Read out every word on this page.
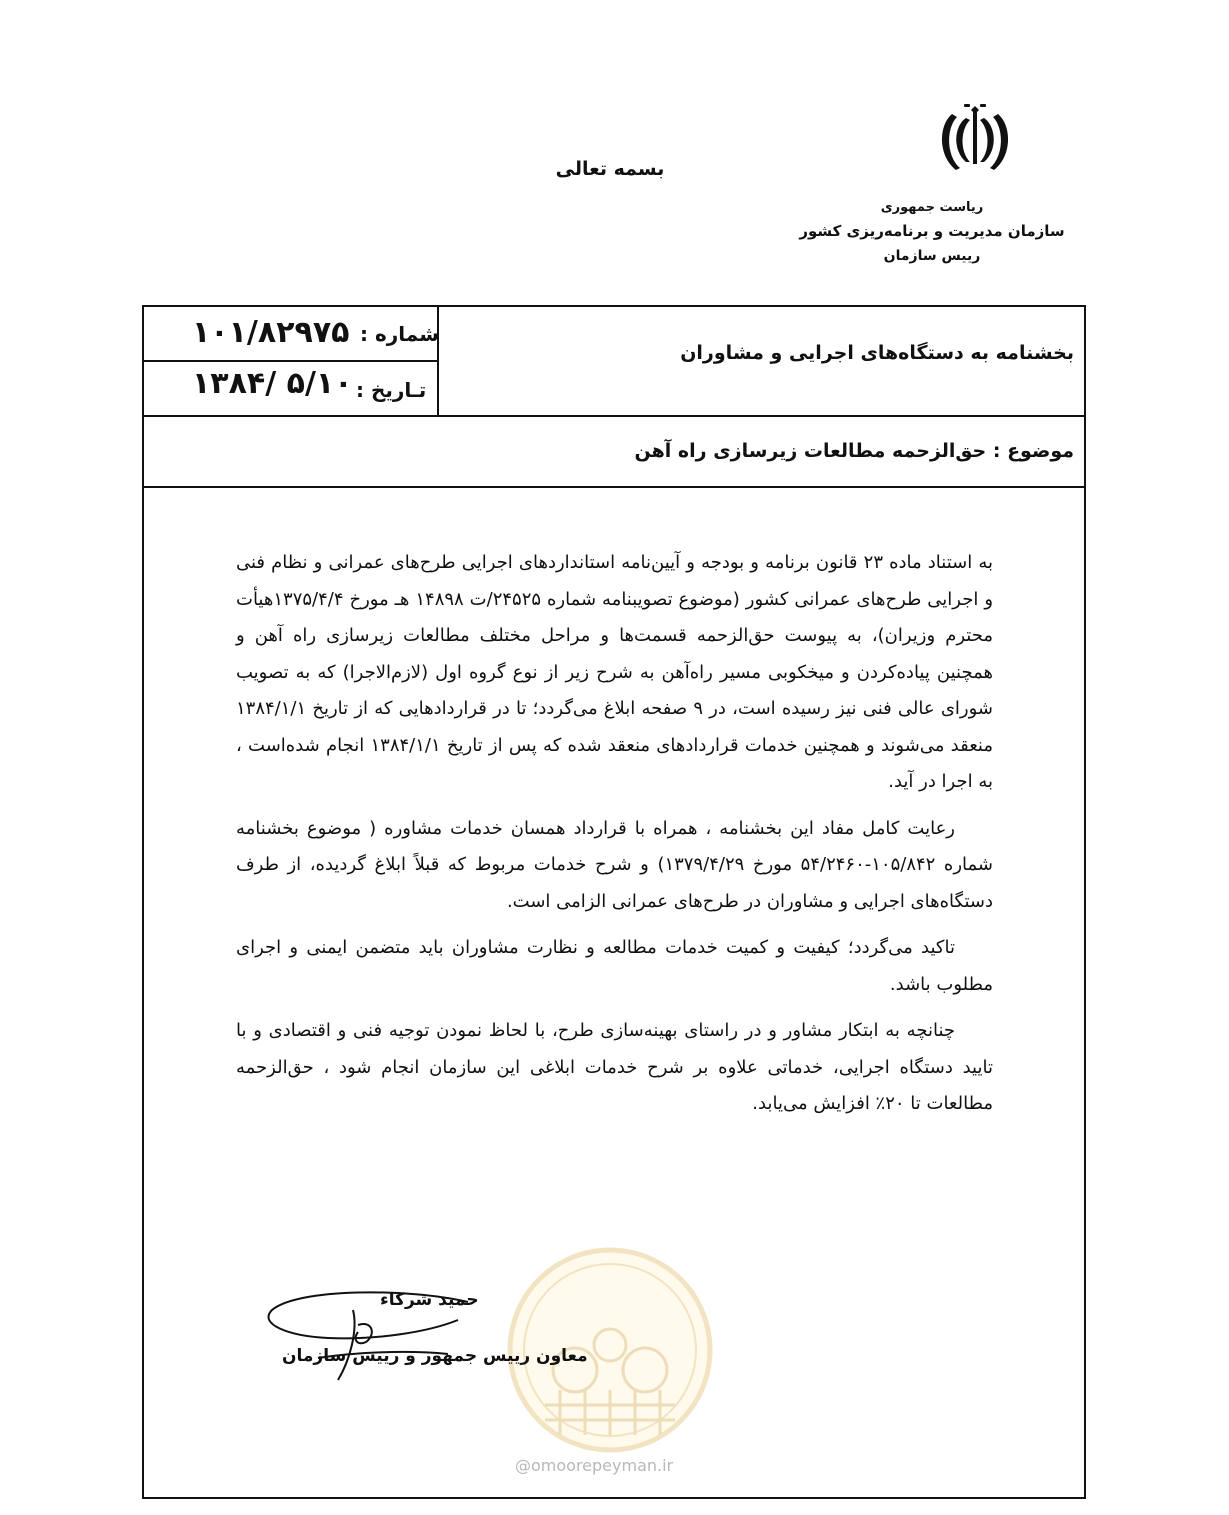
بسمه تعالی
ریاست جمهوری
سازمان مدیریت و برنامه‌ریزی کشور
رییس سازمان
شماره :
۱۰۱/۸۲۹۷۵
تـاریخ :
۱۳۸۴/ ۵/۱۰
بخشنامه به دستگاه‌های اجرایی و مشاوران
موضوع : حق‌الزحمه مطالعات زیرسازی راه آهن

به استناد ماده ۲۳ قانون برنامه و بودجه و آیین‌نامه استانداردهای اجرایی طرح‌های عمرانی و نظام فنی و اجرایی طرح‌های عمرانی کشور (موضوع تصویبنامه شماره ۲۴۵۲۵/ت ۱۴۸۹۸ هـ مورخ ۱۳۷۵/۴/۴هیأت محترم وزیران)، به پیوست حق‌الزحمه قسمت‌ها و مراحل مختلف مطالعات زیرسازی راه آهن و همچنین پیاده‌کردن و میخکوبی مسیر راه‌آهن به شرح زیر از نوع گروه اول (لازم‌الاجرا) که به تصویب شورای عالی فنی نیز رسیده است، در ۹ صفحه ابلاغ می‌گردد؛ تا در قراردادهایی که از تاریخ ۱۳۸۴/۱/۱ منعقد می‌شوند و همچنین خدمات قراردادهای منعقد شده که پس از تاریخ ۱۳۸۴/۱/۱ انجام شده‌است ، به اجرا در آید.

رعایت کامل مفاد این بخشنامه ، همراه با قرارداد همسان خدمات مشاوره ( موضوع بخشنامه شماره ۱۰۵/۸۴۲-۵۴/۲۴۶۰ مورخ ۱۳۷۹/۴/۲۹) و شرح خدمات مربوط که قبلاً ابلاغ گردیده، از طرف دستگاه‌های اجرایی و مشاوران در طرح‌های عمرانی الزامی است.

تاکید می‌گردد؛ کیفیت و کمیت خدمات مطالعه و نظارت مشاوران باید متضمن ایمنی و اجرای مطلوب باشد.

چنانچه به ابتکار مشاور و در راستای بهینه‌سازی طرح، با لحاظ نمودن توجیه فنی و اقتصادی و با تایید دستگاه اجرایی، خدماتی علاوه بر شرح خدمات ابلاغی این سازمان انجام شود ، حق‌الزحمه مطالعات تا ۲۰٪ افزایش می‌یابد.

@omoorepeyman.ir
حمید شرکاء
معاون رییس جمهور و رییس سازمان
